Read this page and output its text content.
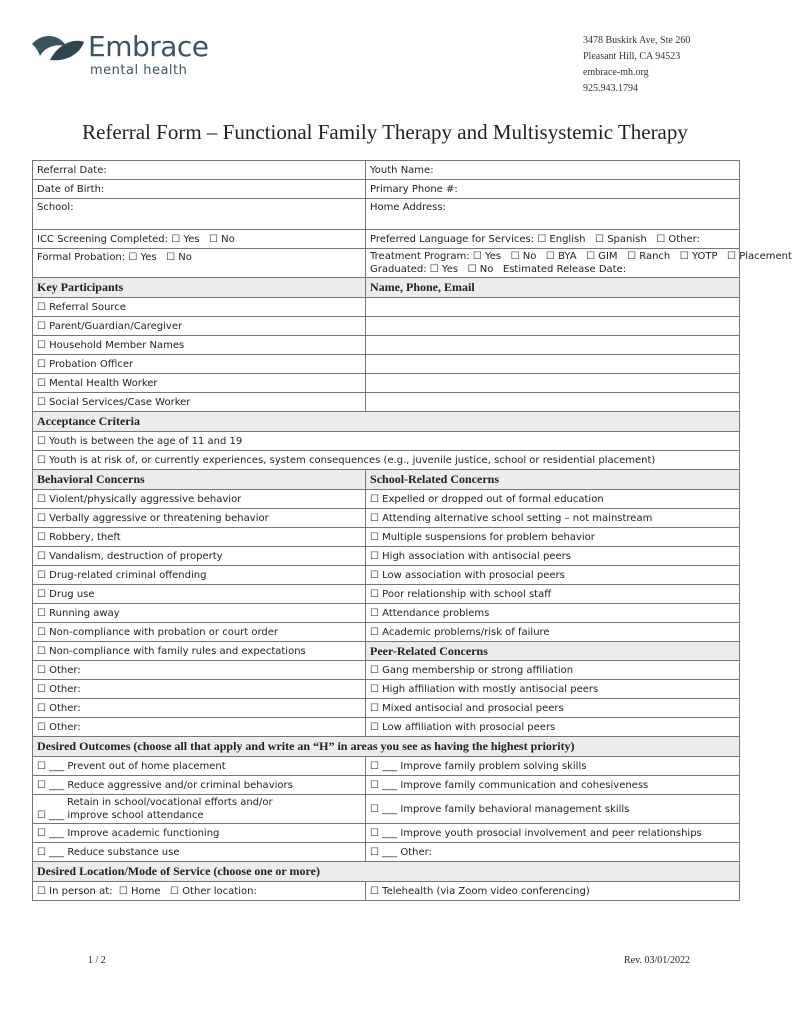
Embrace
mental health
3478 Buskirk Ave, Ste 260
Pleasant Hill, CA 94523
embrace-mh.org
925.943.1794
Referral Form – Functional Family Therapy and Multisystemic Therapy
Referral Date:	Youth Name:
Date of Birth:	Primary Phone #:
School:	Home Address:
ICC Screening Completed: ☐ Yes   ☐ No	Preferred Language for Services: ☐ English   ☐ Spanish   ☐ Other:
Formal Probation: ☐ Yes   ☐ No	Treatment Program: ☐ Yes   ☐ No   ☐ BYA   ☐ GIM   ☐ Ranch   ☐ YOTP   ☐ Placement
Graduated: ☐ Yes   ☐ No   Estimated Release Date:

Key Participants	Name, Phone, Email
☐ Referral Source	
☐ Parent/Guardian/Caregiver	
☐ Household Member Names	
☐ Probation Officer	
☐ Mental Health Worker	
☐ Social Services/Case Worker	
Acceptance Criteria	
☐ Youth is between the age of 11 and 19	
☐ Youth is at risk of, or currently experiences, system consequences (e.g., juvenile justice, school or residential placement)	
Behavioral Concerns	School-Related Concerns
☐ Violent/physically aggressive behavior	☐ Expelled or dropped out of formal education
☐ Verbally aggressive or threatening behavior	☐ Attending alternative school setting – not mainstream
☐ Robbery, theft	☐ Multiple suspensions for problem behavior
☐ Vandalism, destruction of property	☐ High association with antisocial peers
☐ Drug-related criminal offending	☐ Low association with prosocial peers
☐ Drug use	☐ Poor relationship with school staff
☐ Running away	☐ Attendance problems
☐ Non-compliance with probation or court order	☐ Academic problems/risk of failure
☐ Non-compliance with family rules and expectations	Peer-Related Concerns
☐ Other:	☐ Gang membership or strong affiliation
☐ Other:	☐ High affiliation with mostly antisocial peers
☐ Other:	☐ Mixed antisocial and prosocial peers
☐ Other:	☐ Low affiliation with prosocial peers
Desired Outcomes (choose all that apply and write an “H” in areas you see as having the highest priority)	
☐ ___ Prevent out of home placement	☐ ___ Improve family problem solving skills
☐ ___ Reduce aggressive and/or criminal behaviors	☐ ___ Improve family communication and cohesiveness

Retain in school/vocational efforts and/or
☐ ___ improve school attendance	☐ ___ Improve family behavioral management skills
☐ ___ Improve academic functioning	☐ ___ Improve youth prosocial involvement and peer relationships
☐ ___ Reduce substance use	☐ ___ Other:
Desired Location/Mode of Service (choose one or more)	
☐ In person at:  ☐ Home   ☐ Other location:	☐ Telehealth (via Zoom video conferencing)
1 / 2	Rev. 03/01/2022
